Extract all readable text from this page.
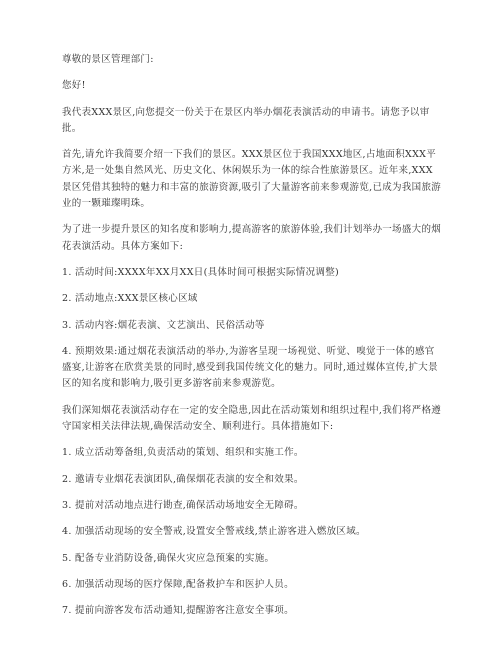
尊敬的景区管理部门:

您好!

我代表XXX景区,向您提交一份关于在景区内举办烟花表演活动的申请书。请您予以审批。

首先,请允许我简要介绍一下我们的景区。XXX景区位于我国XXX地区,占地面积XXX平方米,是一处集自然风光、历史文化、休闲娱乐为一体的综合性旅游景区。近年来,XXX景区凭借其独特的魅力和丰富的旅游资源,吸引了大量游客前来参观游览,已成为我国旅游业的一颗璀璨明珠。

为了进一步提升景区的知名度和影响力,提高游客的旅游体验,我们计划举办一场盛大的烟花表演活动。具体方案如下:

1. 活动时间:XXXX年XX月XX日(具体时间可根据实际情况调整)

2. 活动地点:XXX景区核心区域

3. 活动内容:烟花表演、文艺演出、民俗活动等

4. 预期效果:通过烟花表演活动的举办,为游客呈现一场视觉、听觉、嗅觉于一体的感官盛宴,让游客在欣赏美景的同时,感受到我国传统文化的魅力。同时,通过媒体宣传,扩大景区的知名度和影响力,吸引更多游客前来参观游览。

我们深知烟花表演活动存在一定的安全隐患,因此在活动策划和组织过程中,我们将严格遵守国家相关法律法规,确保活动安全、顺利进行。具体措施如下:

1. 成立活动筹备组,负责活动的策划、组织和实施工作。

2. 邀请专业烟花表演团队,确保烟花表演的安全和效果。

3. 提前对活动地点进行勘查,确保活动场地安全无障碍。

4. 加强活动现场的安全警戒,设置安全警戒线,禁止游客进入燃放区域。

5. 配备专业消防设备,确保火灾应急预案的实施。

6. 加强活动现场的医疗保障,配备救护车和医护人员。

7. 提前向游客发布活动通知,提醒游客注意安全事项。
